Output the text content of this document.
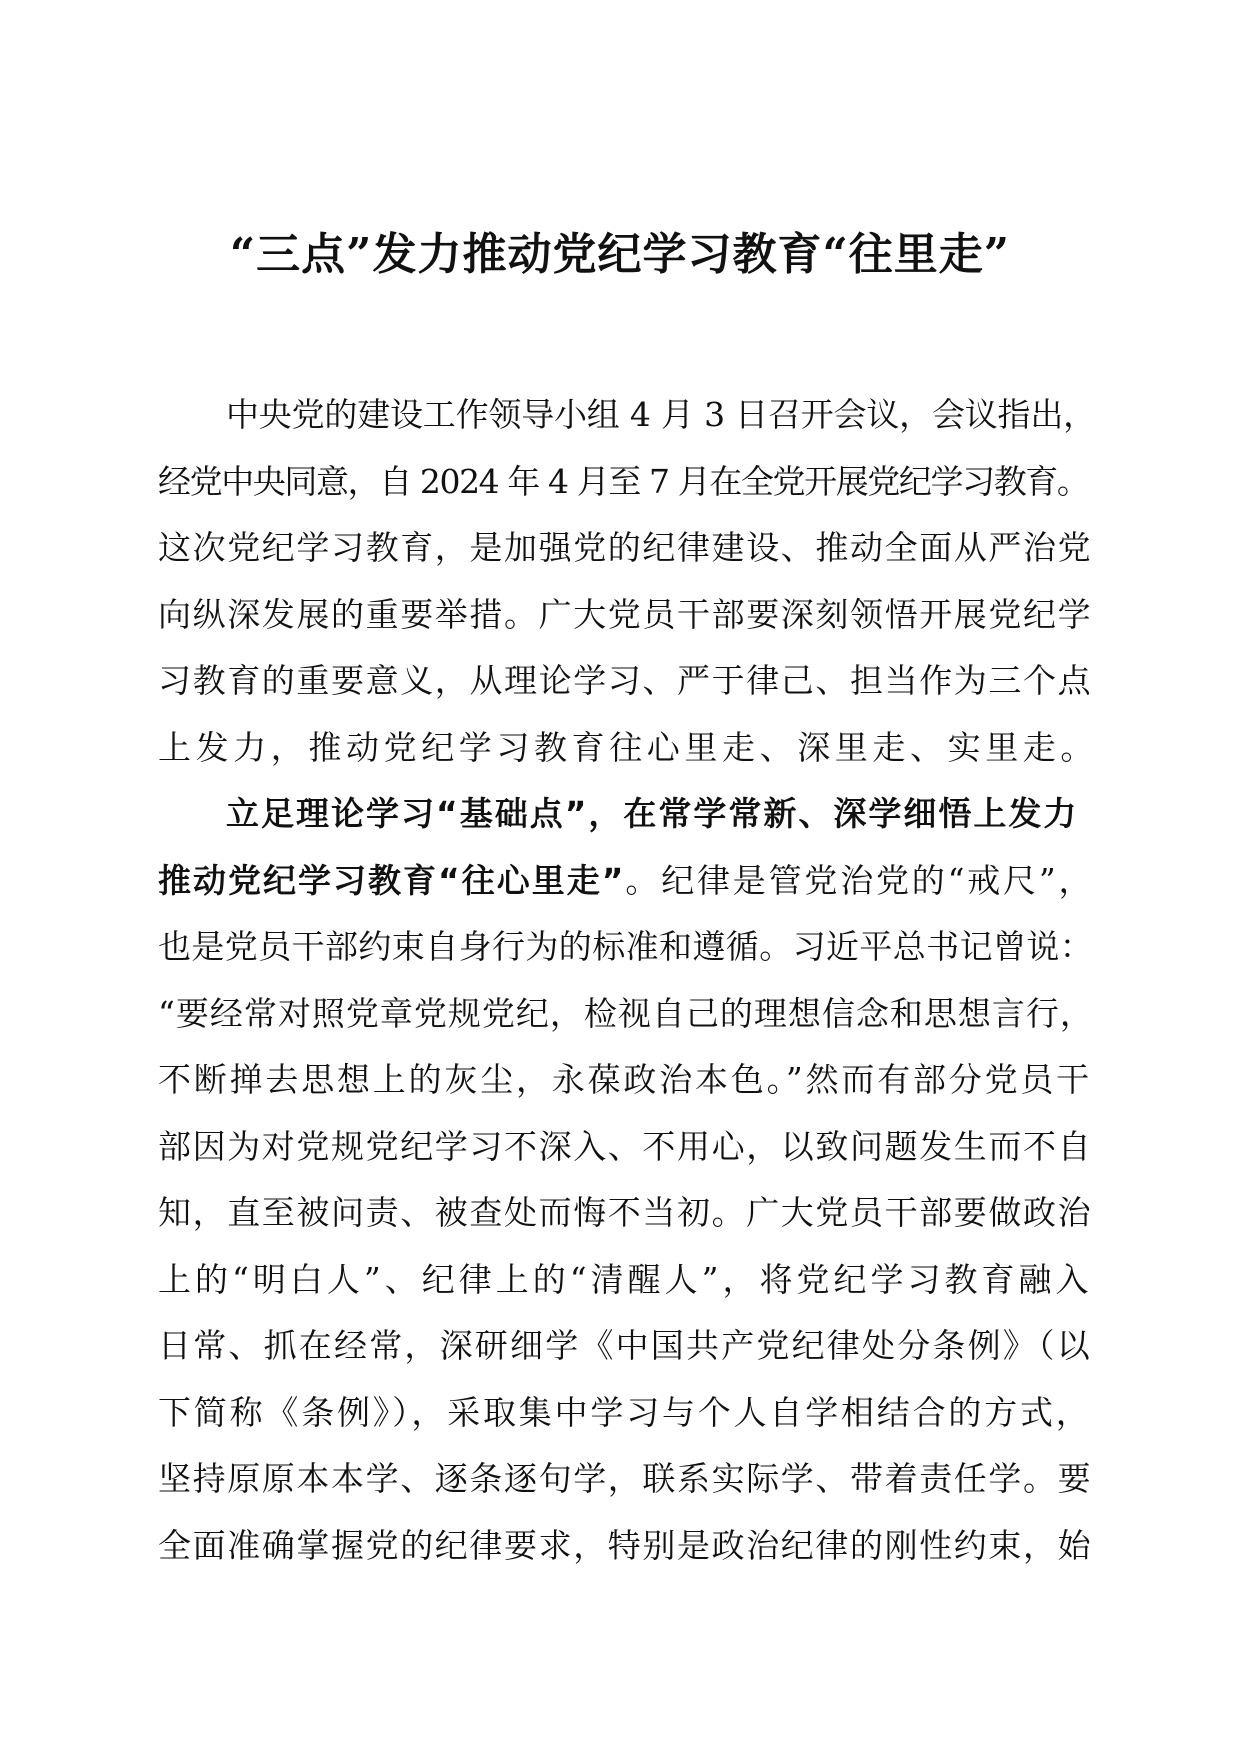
“三点”发力推动党纪学习教育“往里走”
中央党的建设工作领导小组 4 月 3 日召开会议，会议指出，
经党中央同意，自 2024 年 4 月至 7 月在全党开展党纪学习教育。
这次党纪学习教育，是加强党的纪律建设、推动全面从严治党
向纵深发展的重要举措。广大党员干部要深刻领悟开展党纪学
习教育的重要意义，从理论学习、严于律己、担当作为三个点
上发力，推动党纪学习教育往心里走、深里走、实里走。
立足理论学习“基础点”，在常学常新、深学细悟上发力
推动党纪学习教育“往心里走”。纪律是管党治党的“戒尺”，
也是党员干部约束自身行为的标准和遵循。习近平总书记曾说：
“要经常对照党章党规党纪，检视自己的理想信念和思想言行，
不断掸去思想上的灰尘，永葆政治本色。”然而有部分党员干
部因为对党规党纪学习不深入、不用心，以致问题发生而不自
知，直至被问责、被查处而悔不当初。广大党员干部要做政治
上的“明白人”、纪律上的“清醒人”，将党纪学习教育融入
日常、抓在经常，深研细学《中国共产党纪律处分条例》（以
下简称《条例》），采取集中学习与个人自学相结合的方式，
坚持原原本本学、逐条逐句学，联系实际学、带着责任学。要
全面准确掌握党的纪律要求，特别是政治纪律的刚性约束，始
